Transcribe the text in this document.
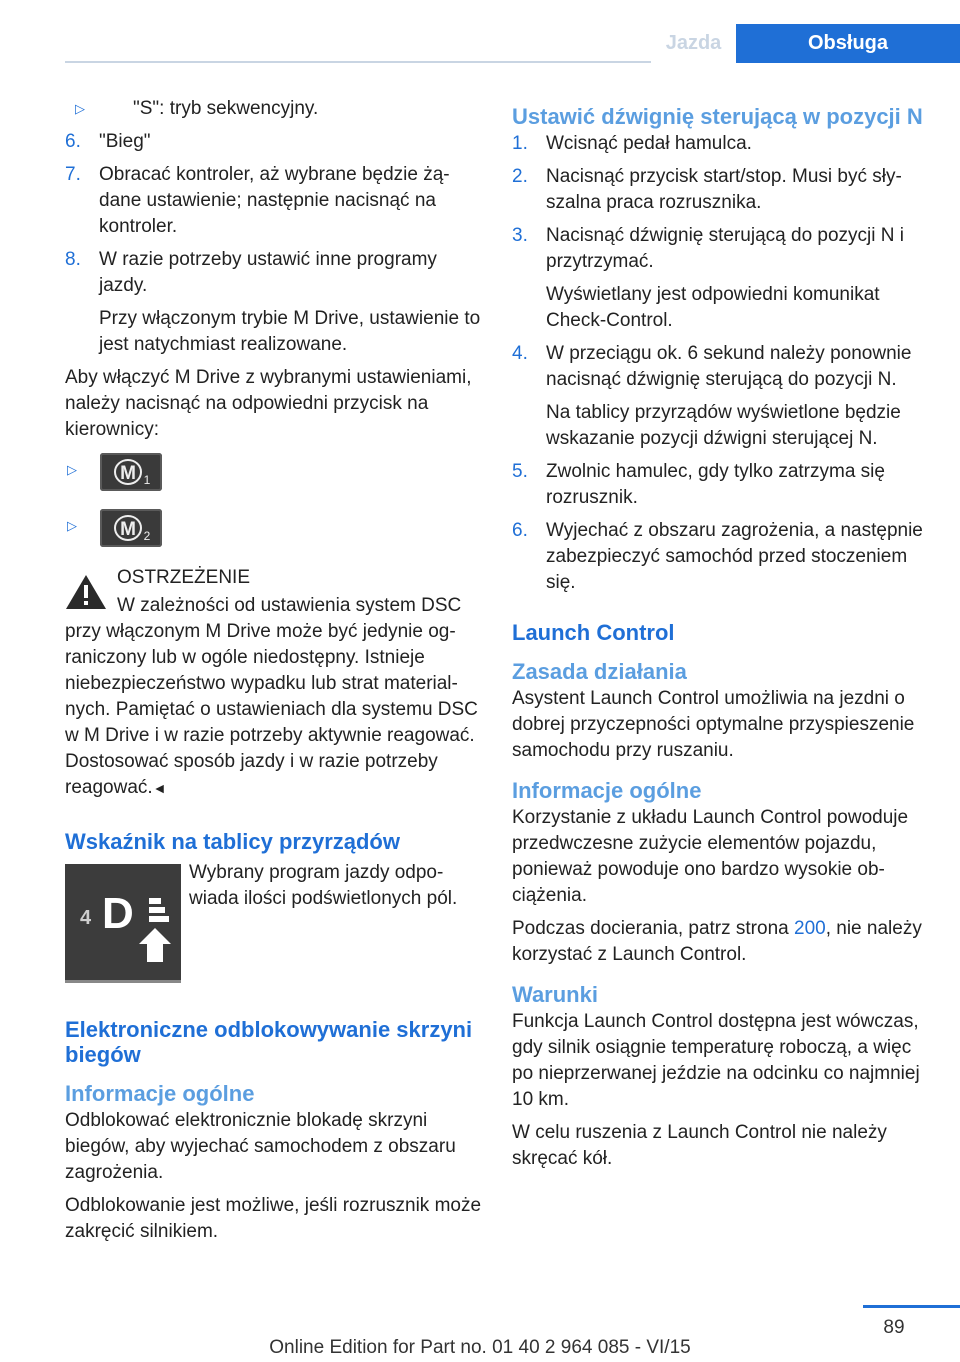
Jazda	Obsługa
▷	"S": tryb sekwencyjny.
6. "Bieg"
7. Obracać kontroler, aż wybrane będzie żądane ustawienie; następnie nacisnąć na kontroler.
8. W razie potrzeby ustawić inne programy jazdy.

Przy włączonym trybie M Drive, ustawienie to jest natychmiast realizowane.

Aby włączyć M Drive z wybranymi ustawieniami, należy nacisnąć na odpowiedni przycisk na kierownicy:

▷ M 1
▷ M 2

OSTRZEŻENIE

W zależności od ustawienia system DSC przy włączonym M Drive może być jedynie ograniczony lub w ogóle niedostępny. Istnieje niebezpieczeństwo wypadku lub strat materialnych. Pamiętać o ustawieniach dla systemu DSC w M Drive i w razie potrzeby aktywnie reagować. Dostosować sposób jazdy i w razie potrzeby reagować.◄

Wskaźnik na tablicy przyrządów
4 D

Wybrany program jazdy odpowiada ilości podświetlonych pól.

Elektroniczne odblokowywanie skrzyni biegów
Informacje ogólne

Odblokować elektronicznie blokadę skrzyni biegów, aby wyjechać samochodem z obszaru zagrożenia.

Odblokowanie jest możliwe, jeśli rozrusznik może zakręcić silnikiem.

Ustawić dźwignię sterującą w pozycji N
1. Wcisnąć pedał hamulca.
2. Nacisnąć przycisk start/stop. Musi być słyszalna praca rozrusznika.
3. Nacisnąć dźwignię sterującą do pozycji N i przytrzymać.

Wyświetlany jest odpowiedni komunikat Check-Control.

4. W przeciągu ok. 6 sekund należy ponownie nacisnąć dźwignię sterującą do pozycji N.

Na tablicy przyrządów wyświetlone będzie wskazanie pozycji dźwigni sterującej N.

5. Zwolnic hamulec, gdy tylko zatrzyma się rozrusznik.
6. Wyjechać z obszaru zagrożenia, a następnie zabezpieczyć samochód przed stoczeniem się.
Launch Control
Zasada działania

Asystent Launch Control umożliwia na jezdni o dobrej przyczepności optymalne przyspieszenie samochodu przy ruszaniu.

Informacje ogólne

Korzystanie z układu Launch Control powoduje przedwczesne zużycie elementów pojazdu, ponieważ powoduje ono bardzo wysokie obciążenia.

Podczas docierania, patrz strona 200, nie należy korzystać z Launch Control.

Warunki

Funkcja Launch Control dostępna jest wówczas, gdy silnik osiągnie temperaturę roboczą, a więc po nieprzerwanej jeździe na odcinku co najmniej 10 km.

W celu ruszenia z Launch Control nie należy skręcać kół.

89
Online Edition for Part no. 01 40 2 964 085 - VI/15
